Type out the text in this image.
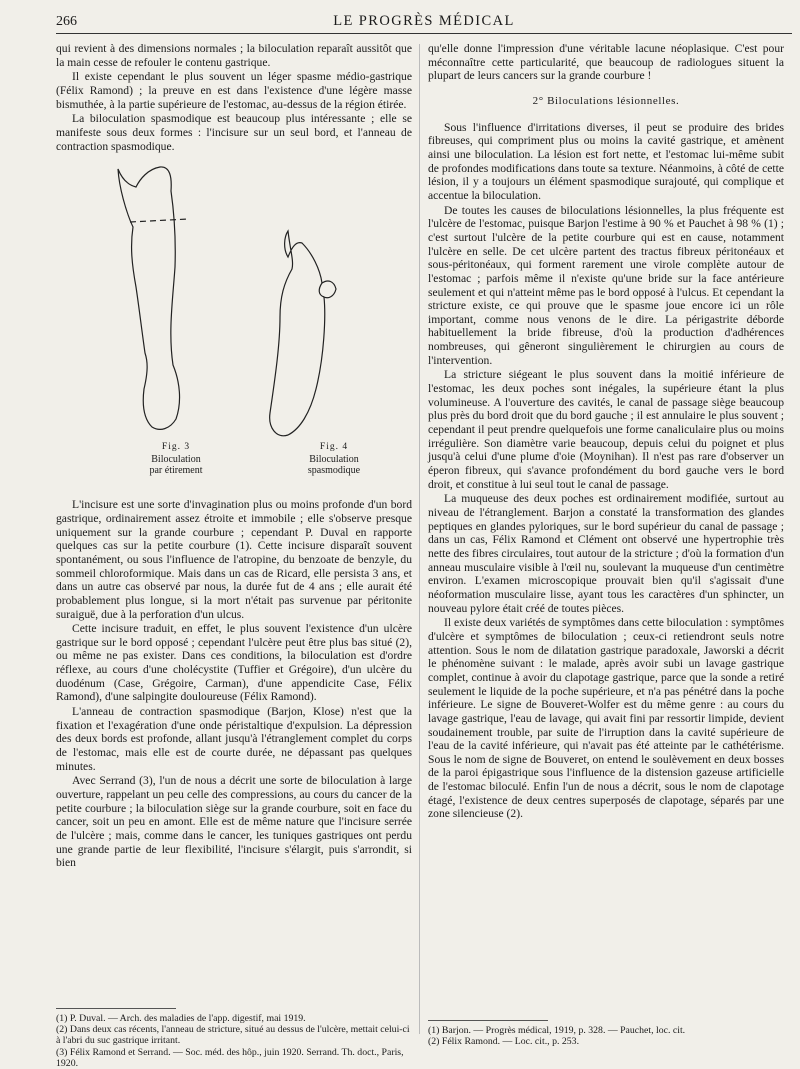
266	LE PROGRÈS MÉDICAL

qui revient à des dimensions normales ; la biloculation reparaît aussitôt que la main cesse de refouler le contenu gastrique.

Il existe cependant le plus souvent un léger spasme médio-gastrique (Félix Ramond) ; la preuve en est dans l'existence d'une légère masse bismuthée, à la partie supérieure de l'estomac, au-dessus de la région étirée.

La biloculation spasmodique est beaucoup plus intéressante ; elle se manifeste sous deux formes : l'incisure sur un seul bord, et l'anneau de contraction spasmodique.

Fig. 3
Biloculation
par étirement
Fig. 4
Biloculation
spasmodique

L'incisure est une sorte d'invagination plus ou moins profonde d'un bord gastrique, ordinairement assez étroite et immobile ; elle s'observe presque uniquement sur la grande courbure ; cependant P. Duval en rapporte quelques cas sur la petite courbure (1). Cette incisure disparaît souvent spontanément, ou sous l'influence de l'atropine, du benzoate de benzyle, du sommeil chloroformique. Mais dans un cas de Ricard, elle persista 3 ans, et dans un autre cas observé par nous, la durée fut de 4 ans ; elle aurait été probablement plus longue, si la mort n'était pas survenue par péritonite suraiguë, due à la perforation d'un ulcus.

Cette incisure traduit, en effet, le plus souvent l'existence d'un ulcère gastrique sur le bord opposé ; cependant l'ulcère peut être plus bas situé (2), ou même ne pas exister. Dans ces conditions, la biloculation est d'ordre réflexe, au cours d'une cholécystite (Tuffier et Grégoire), d'un ulcère du duodénum (Case, Grégoire, Carman), d'une appendicite Case, Félix Ramond), d'une salpingite douloureuse (Félix Ramond).

L'anneau de contraction spasmodique (Barjon, Klose) n'est que la fixation et l'exagération d'une onde péristaltique d'expulsion. La dépression des deux bords est profonde, allant jusqu'à l'étranglement complet du corps de l'estomac, mais elle est de courte durée, ne dépassant pas quelques minutes.

Avec Serrand (3), l'un de nous a décrit une sorte de biloculation à large ouverture, rappelant un peu celle des compressions, au cours du cancer de la petite courbure ; la biloculation siège sur la grande courbure, soit en face du cancer, soit un peu en amont. Elle est de même nature que l'incisure serrée de l'ulcère ; mais, comme dans le cancer, les tuniques gastriques ont perdu une grande partie de leur flexibilité, l'incisure s'élargit, puis s'arrondit, si bien

(1) P. Duval. — Arch. des maladies de l'app. digestif, mai 1919.
(2) Dans deux cas récents, l'anneau de stricture, situé au dessus de l'ulcère, mettait celui-ci à l'abri du suc gastrique irritant.
(3) Félix Ramond et Serrand. — Soc. méd. des hôp., juin 1920. Serrand. Th. doct., Paris, 1920.

qu'elle donne l'impression d'une véritable lacune néoplasique. C'est pour méconnaître cette particularité, que beaucoup de radiologues situent la plupart de leurs cancers sur la grande courbure !

2° Biloculations lésionnelles.

Sous l'influence d'irritations diverses, il peut se produire des brides fibreuses, qui compriment plus ou moins la cavité gastrique, et amènent ainsi une biloculation. La lésion est fort nette, et l'estomac lui-même subit de profondes modifications dans toute sa texture. Néanmoins, à côté de cette lésion, il y a toujours un élément spasmodique surajouté, qui complique et accentue la biloculation.

De toutes les causes de biloculations lésionnelles, la plus fréquente est l'ulcère de l'estomac, puisque Barjon l'estime à 90 % et Pauchet à 98 % (1) ; c'est surtout l'ulcère de la petite courbure qui est en cause, notamment l'ulcère en selle. De cet ulcère partent des tractus fibreux péritonéaux et sous-péritonéaux, qui forment rarement une virole complète autour de l'estomac ; parfois même il n'existe qu'une bride sur la face antérieure seulement et qui n'atteint même pas le bord opposé à l'ulcus. Et cependant la stricture existe, ce qui prouve que le spasme joue encore ici un rôle important, comme nous venons de le dire. La périgastrite déborde habituellement la bride fibreuse, d'où la production d'adhérences nombreuses, qui gêneront singulièrement le chirurgien au cours de l'intervention.

La stricture siégeant le plus souvent dans la moitié inférieure de l'estomac, les deux poches sont inégales, la supérieure étant la plus volumineuse. A l'ouverture des cavités, le canal de passage siège beaucoup plus près du bord droit que du bord gauche ; il est annulaire le plus souvent ; cependant il peut prendre quelquefois une forme canaliculaire plus ou moins irrégulière. Son diamètre varie beaucoup, depuis celui du poignet et plus jusqu'à celui d'une plume d'oie (Moynihan). Il n'est pas rare d'observer un éperon fibreux, qui s'avance profondément du bord gauche vers le bord droit, et constitue à lui seul tout le canal de passage.

La muqueuse des deux poches est ordinairement modifiée, surtout au niveau de l'étranglement. Barjon a constaté la transformation des glandes peptiques en glandes pyloriques, sur le bord supérieur du canal de passage ; dans un cas, Félix Ramond et Clément ont observé une hypertrophie très nette des fibres circulaires, tout autour de la stricture ; d'où la formation d'un anneau musculaire visible à l'œil nu, soulevant la muqueuse d'un centimètre environ. L'examen microscopique prouvait bien qu'il s'agissait d'une néoformation musculaire lisse, ayant tous les caractères d'un sphincter, un nouveau pylore était créé de toutes pièces.

Il existe deux variétés de symptômes dans cette biloculation : symptômes d'ulcère et symptômes de biloculation ; ceux-ci retiendront seuls notre attention. Sous le nom de dilatation gastrique paradoxale, Jaworski a décrit le phénomène suivant : le malade, après avoir subi un lavage gastrique complet, continue à avoir du clapotage gastrique, parce que la sonde a retiré seulement le liquide de la poche supérieure, et n'a pas pénétré dans la poche inférieure. Le signe de Bouveret-Wolfer est du même genre : au cours du lavage gastrique, l'eau de lavage, qui avait fini par ressortir limpide, devient soudainement trouble, par suite de l'irruption dans la cavité supérieure de l'eau de la cavité inférieure, qui n'avait pas été atteinte par le cathétérisme. Sous le nom de signe de Bouveret, on entend le soulèvement en deux bosses de la paroi épigastrique sous l'influence de la distension gazeuse artificielle de l'estomac biloculé. Enfin l'un de nous a décrit, sous le nom de clapotage étagé, l'existence de deux centres superposés de clapotage, séparés par une zone silencieuse (2).

(1) Barjon. — Progrès médical, 1919, p. 328. — Pauchet, loc. cit.
(2) Félix Ramond. — Loc. cit., p. 253.
